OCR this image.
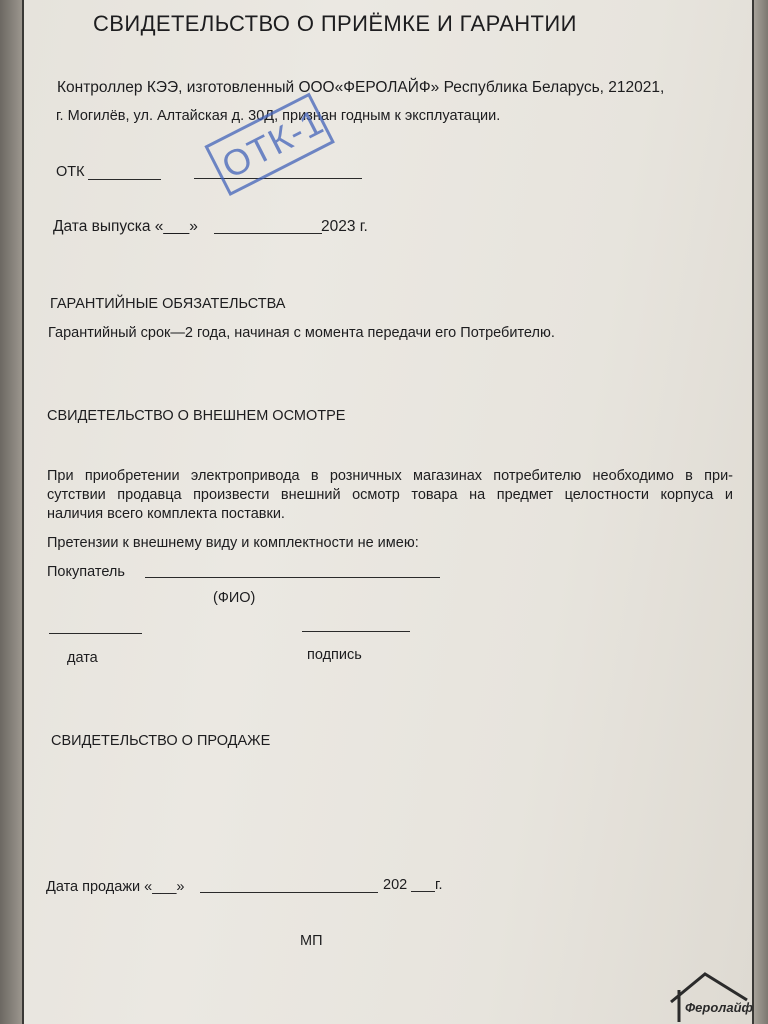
СВИДЕТЕЛЬСТВО О ПРИЁМКЕ И ГАРАНТИИ
Контроллер КЭЭ, изготовленный ООО«ФЕРОЛАЙФ» Республика Беларусь, 212021,
г. Могилёв, ул. Алтайская д. 30Д, признан годным к эксплуатации.
ОТК	ОТК-1
Дата выпуска «___»	2023 г.
ГАРАНТИЙНЫЕ ОБЯЗАТЕЛЬСТВА
Гарантийный срок—2 года, начиная с момента передачи его Потребителю.
СВИДЕТЕЛЬСТВО О ВНЕШНЕМ ОСМОТРЕ
При приобретении электропривода в розничных магазинах потребителю необходимо в при-
сутствии продавца произвести внешний осмотр товара на предмет целостности корпуса и
наличия всего комплекта поставки.
Претензии к внешнему виду и комплектности не имею:
Покупатель
(ФИО)
дата	подпись
СВИДЕТЕЛЬСТВО О ПРОДАЖЕ
Дата продажи «___»	202 г.
МП
Феролайф
